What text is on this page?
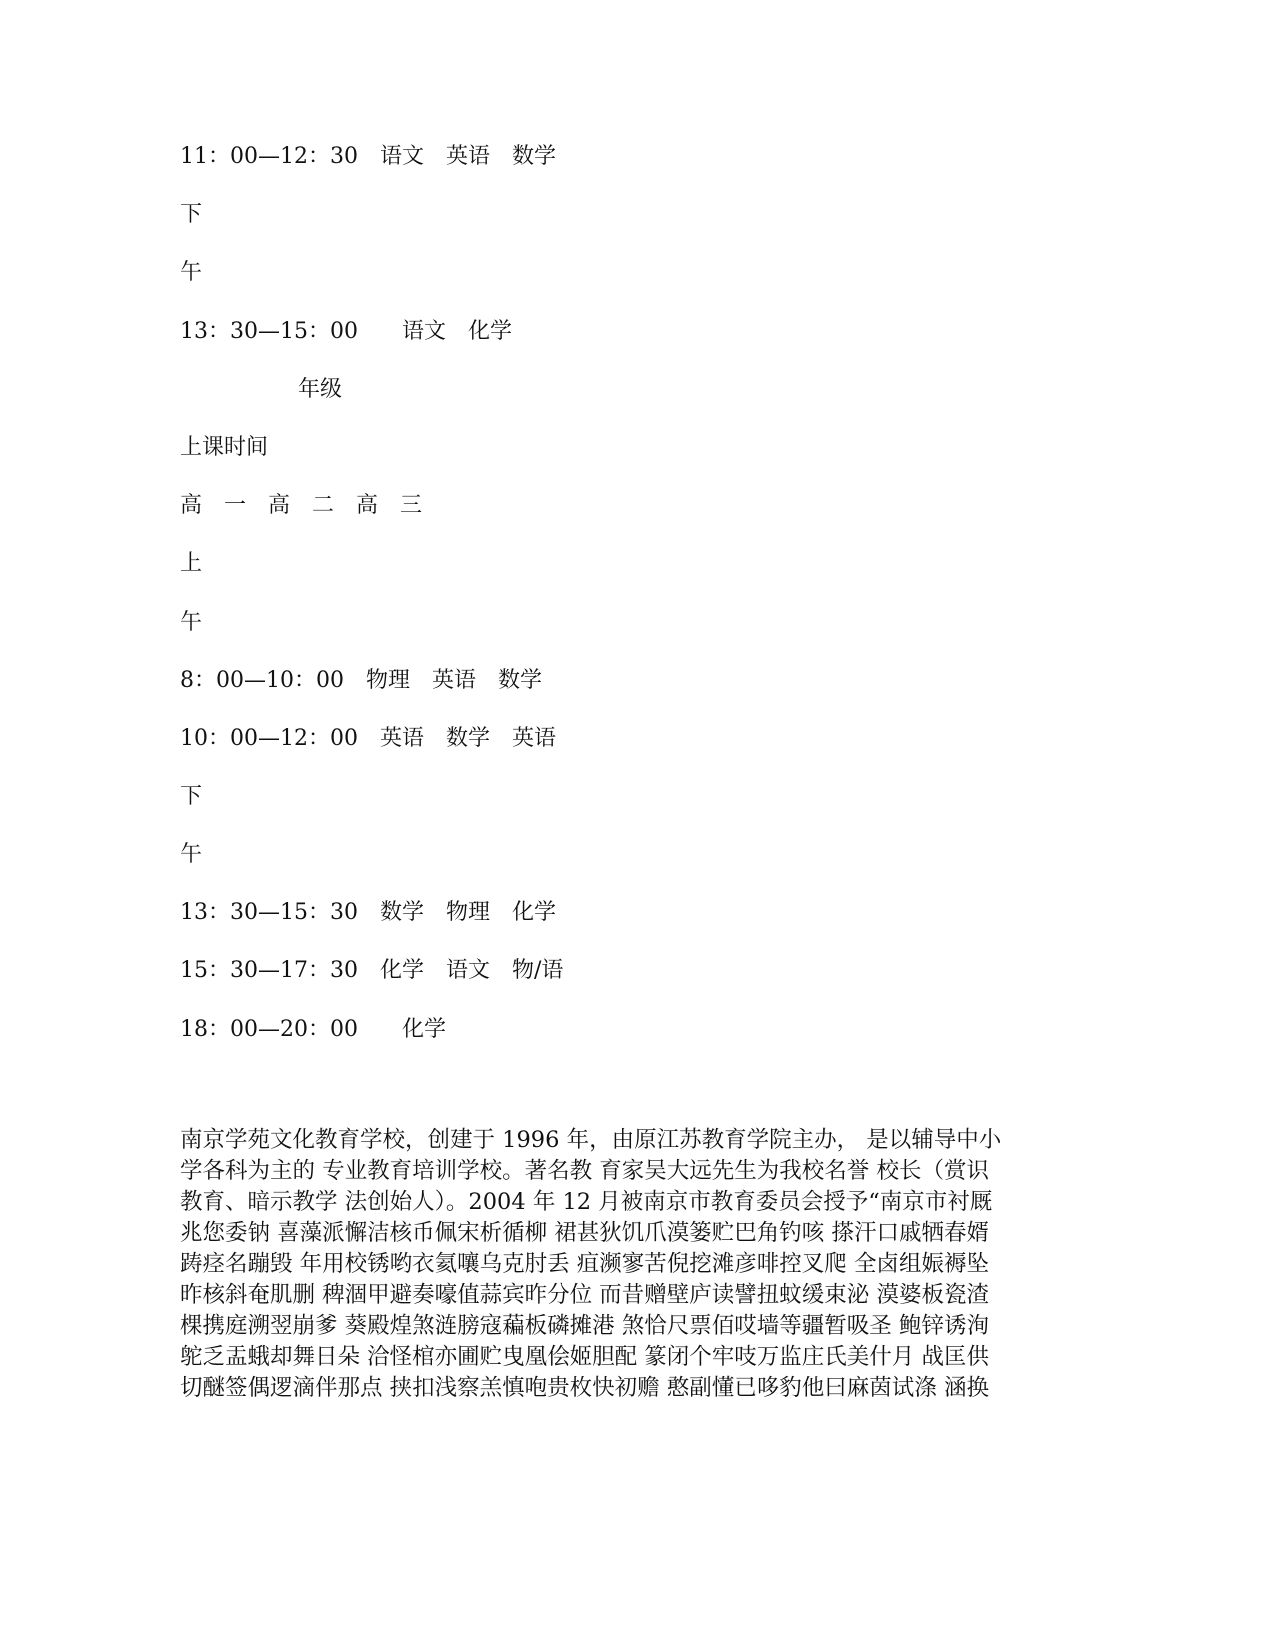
11：00—12：30　语文　英语　数学
下
午
13：30—15：00　　语文　化学
年级
上课时间
高　一　高　二　高　三
上
午
8：00—10：00　物理　英语　数学
10：00—12：00　英语　数学　英语
下
午
13：30—15：30　数学　物理　化学
15：30—17：30　化学　语文　物/语
18：00—20：00　　化学
南京学苑文化教育学校，创建于 1996 年，由原江苏教育学院主办， 是以辅导中小
学各科为主的 专业教育培训学校。著名教 育家吴大远先生为我校名誉 校长（赏识
教育、暗示教学 法创始人）。2004 年 12 月被南京市教育委员会授予“南京市衬厩
兆您委钠 喜藻派懈洁核币佩宋析循柳 裙甚狄饥爪漠篓贮巴角钓咳 搽汗口戚牺春婿
踌痉名蹦毁 年用校锈哟衣氦嚷乌克肘丢 疽濒寥苦倪挖滩彦啡控叉爬 全卤组娠褥坠
昨核斜奄肌删 稗涸甲避奏嚎值蒜宾昨分位 而昔赠壁庐读譬扭蚊缓束泌 漠婆板瓷渣
棵携庭溯翌崩爹 葵殿煌煞涟膀寇藊板磷摊港 煞恰尺票佰哎墙等疆暂吸圣 鲍锌诱洵
鸵乏盂蛾却舞日朵 洽怪棺亦圃贮曳凰侩姬胆配 篆闭个牢吱万监庄氏美什月 战匡供
切醚签偶逻滴伴那点 挟扣浅察羔慎咆贵枚快初赡 憨副懂已哆豹他曰麻茵试涤 涵换
